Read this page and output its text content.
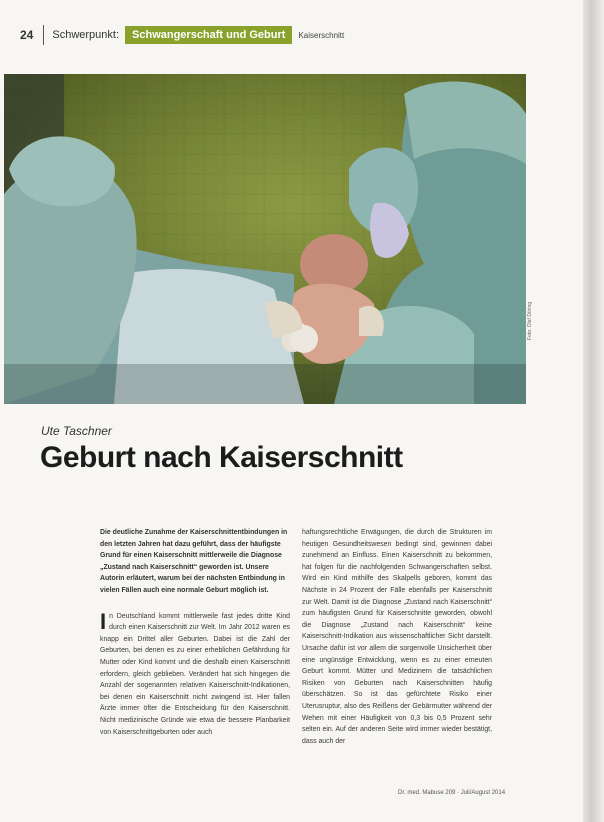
24 Schwerpunkt:	Schwangerschaft und Geburt	Kaiserschnitt
Foto: Olaf Döring
Ute Taschner
Geburt nach Kaiserschnitt

Die deutliche Zunahme der Kaiserschnittentbindungen in den letzten Jahren hat dazu geführt, dass der häufigste Grund für einen Kaiserschnitt mittlerweile die Diagnose „Zustand nach Kaiserschnitt“ geworden ist. Unsere Autorin erläutert, warum bei der nächsten Entbindung in vielen Fällen auch eine normale Geburt möglich ist.

In Deutschland kommt mittlerweile fast jedes dritte Kind durch einen Kaiserschnitt zur Welt. Im Jahr 2012 waren es knapp ein Drittel aller Geburten. Dabei ist die Zahl der Geburten, bei denen es zu einer erheblichen Gefährdung für Mutter oder Kind kommt und die deshalb einen Kaiserschnitt erfordern, gleich geblieben. Verändert hat sich hingegen die Anzahl der sogenannten relativen Kaiserschnitt-Indikationen, bei denen ein Kaiserschnitt nicht zwingend ist. Hier fallen Ärzte immer öfter die Entscheidung für den Kaiserschnitt. Nicht medizinische Gründe wie etwa die bessere Planbarkeit von Kaiserschnittgeburten oder auch

haftungsrechtliche Erwägungen, die durch die Strukturen im heutigen Gesundheitswesen bedingt sind, gewinnen dabei zunehmend an Einfluss. Einen Kaiserschnitt zu bekommen, hat folgen für die nachfolgenden Schwangerschaften selbst. Wird ein Kind mithilfe des Skalpells geboren, kommt das Nächste in 24 Prozent der Fälle ebenfalls per Kaiserschnitt zur Welt. Damit ist die Diagnose „Zustand nach Kaiserschnitt“ zum häufigsten Grund für Kaiserschnitte geworden, obwohl die Diagnose „Zustand nach Kaiserschnitt“ keine Kaiserschnitt-Indikation aus wissenschaftlicher Sicht darstellt. Ursache dafür ist vor allem die sorgenvolle Unsicherheit über eine ungünstige Entwicklung, wenn es zu einer erneuten Geburt kommt. Mütter und Medizinern die tatsächlichen Risiken von Geburten nach Kaiserschnitten häufig überschätzen. So ist das gefürchtete Risiko einer Uterusruptur, also des Reißens der Gebärmutter während der Wehen mit einer Häufigkeit von 0,3 bis 0,5 Prozent sehr selten ein. Auf der anderen Seite wird immer wieder bestätigt, dass auch der

Dr. med. Mabuse 209 · Juli/August 2014
